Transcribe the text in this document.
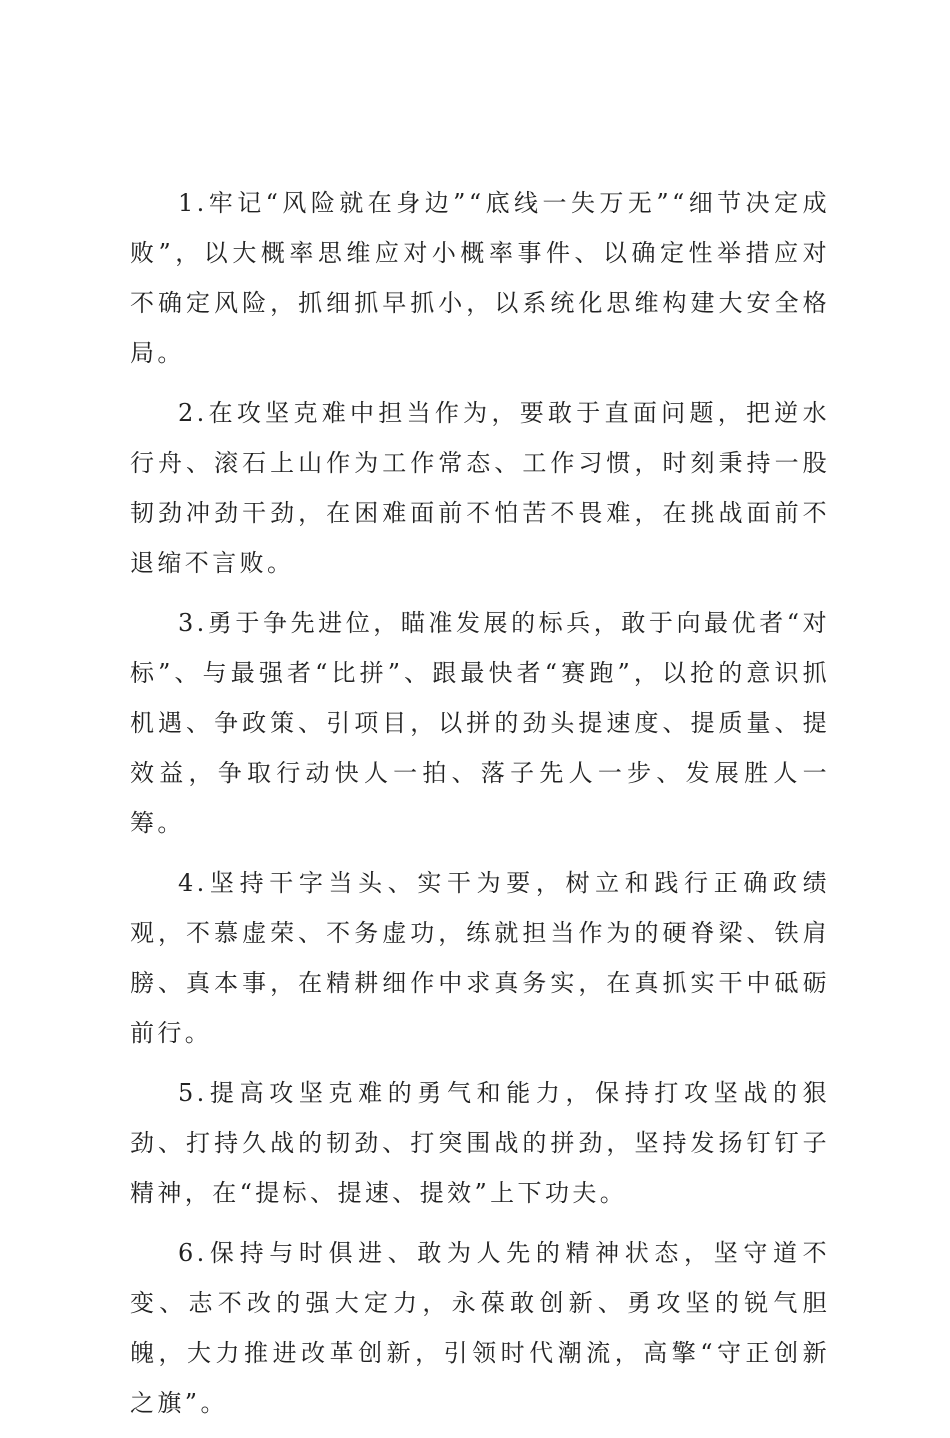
1.牢记“风险就在身边”“底线一失万无”“细节决定成败”，以大概率思维应对小概率事件、以确定性举措应对不确定风险，抓细抓早抓小，以系统化思维构建大安全格局。

2.在攻坚克难中担当作为，要敢于直面问题，把逆水行舟、滚石上山作为工作常态、工作习惯，时刻秉持一股韧劲冲劲干劲，在困难面前不怕苦不畏难，在挑战面前不退缩不言败。

3.勇于争先进位，瞄准发展的标兵，敢于向最优者“对标”、与最强者“比拼”、跟最快者“赛跑”，以抢的意识抓机遇、争政策、引项目，以拼的劲头提速度、提质量、提效益，争取行动快人一拍、落子先人一步、发展胜人一筹。

4.坚持干字当头、实干为要，树立和践行正确政绩观，不慕虚荣、不务虚功，练就担当作为的硬脊梁、铁肩膀、真本事，在精耕细作中求真务实，在真抓实干中砥砺前行。

5.提高攻坚克难的勇气和能力，保持打攻坚战的狠劲、打持久战的韧劲、打突围战的拼劲，坚持发扬钉钉子精神，在“提标、提速、提效”上下功夫。

6.保持与时俱进、敢为人先的精神状态，坚守道不变、志不改的强大定力，永葆敢创新、勇攻坚的锐气胆魄，大力推进改革创新，引领时代潮流，高擎“守正创新之旗”。
